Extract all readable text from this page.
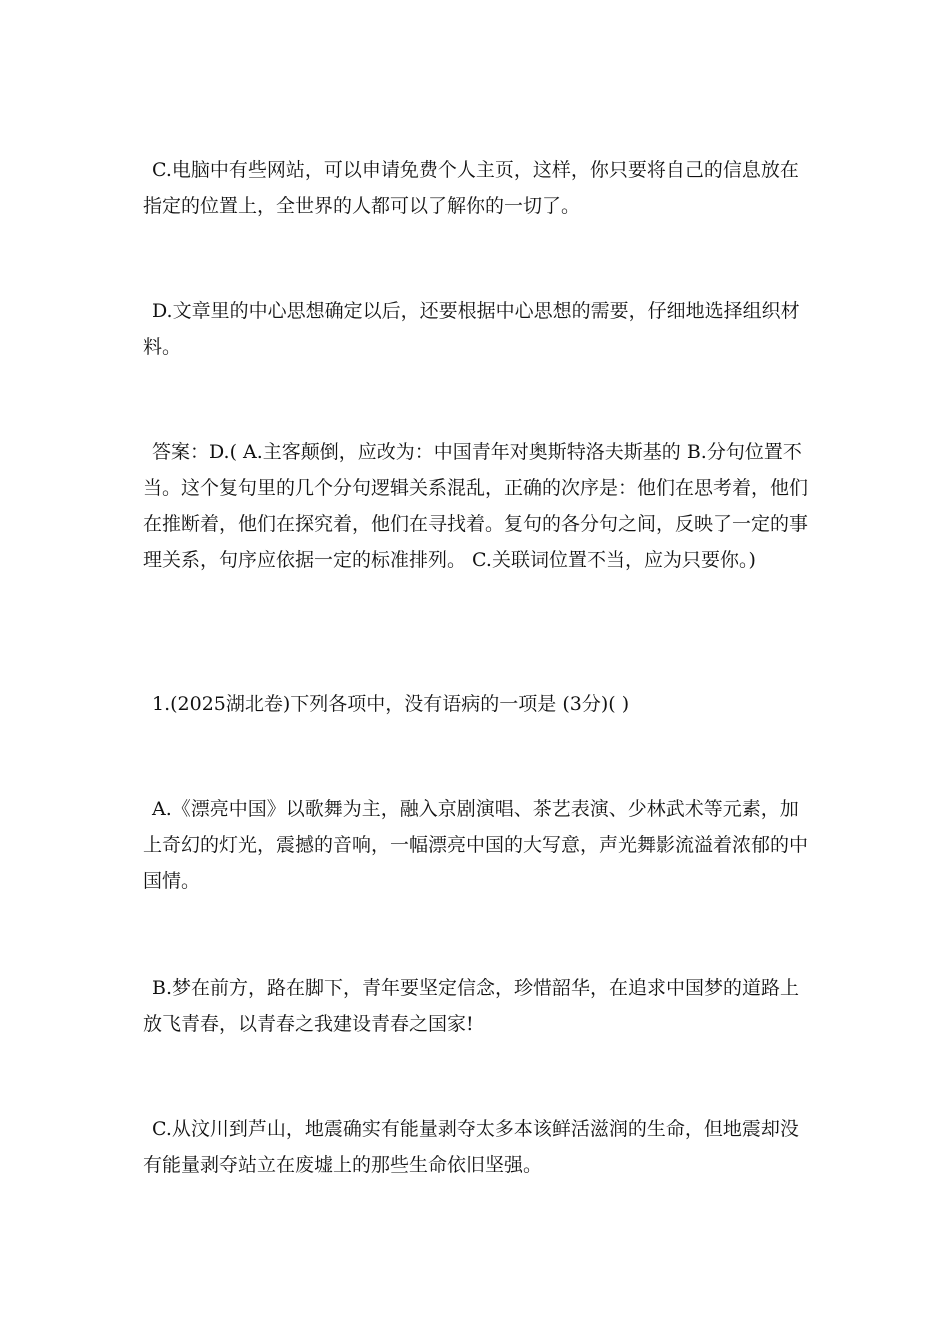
C.电脑中有些网站，可以申请免费个人主页，这样，你只要将自己的信息放在指定的位置上，全世界的人都可以了解你的一切了。

D.文章里的中心思想确定以后，还要根据中心思想的需要，仔细地选择组织材料。

答案：D.( A.主客颠倒，应改为：中国青年对奥斯特洛夫斯基的 B.分句位置不当。这个复句里的几个分句逻辑关系混乱，正确的次序是：他们在思考着，他们在推断着，他们在探究着，他们在寻找着。复句的各分句之间，反映了一定的事理关系，句序应依据一定的标准排列。 C.关联词位置不当，应为只要你。)

1.(2025湖北卷)下列各项中，没有语病的一项是 (3分)( )

A.《漂亮中国》以歌舞为主，融入京剧演唱、茶艺表演、少林武术等元素，加上奇幻的灯光，震撼的音响，一幅漂亮中国的大写意，声光舞影流溢着浓郁的中国情。

B.梦在前方，路在脚下，青年要坚定信念，珍惜韶华，在追求中国梦的道路上放飞青春，以青春之我建设青春之国家!

C.从汶川到芦山，地震确实有能量剥夺太多本该鲜活滋润的生命，但地震却没有能量剥夺站立在废墟上的那些生命依旧坚强。
